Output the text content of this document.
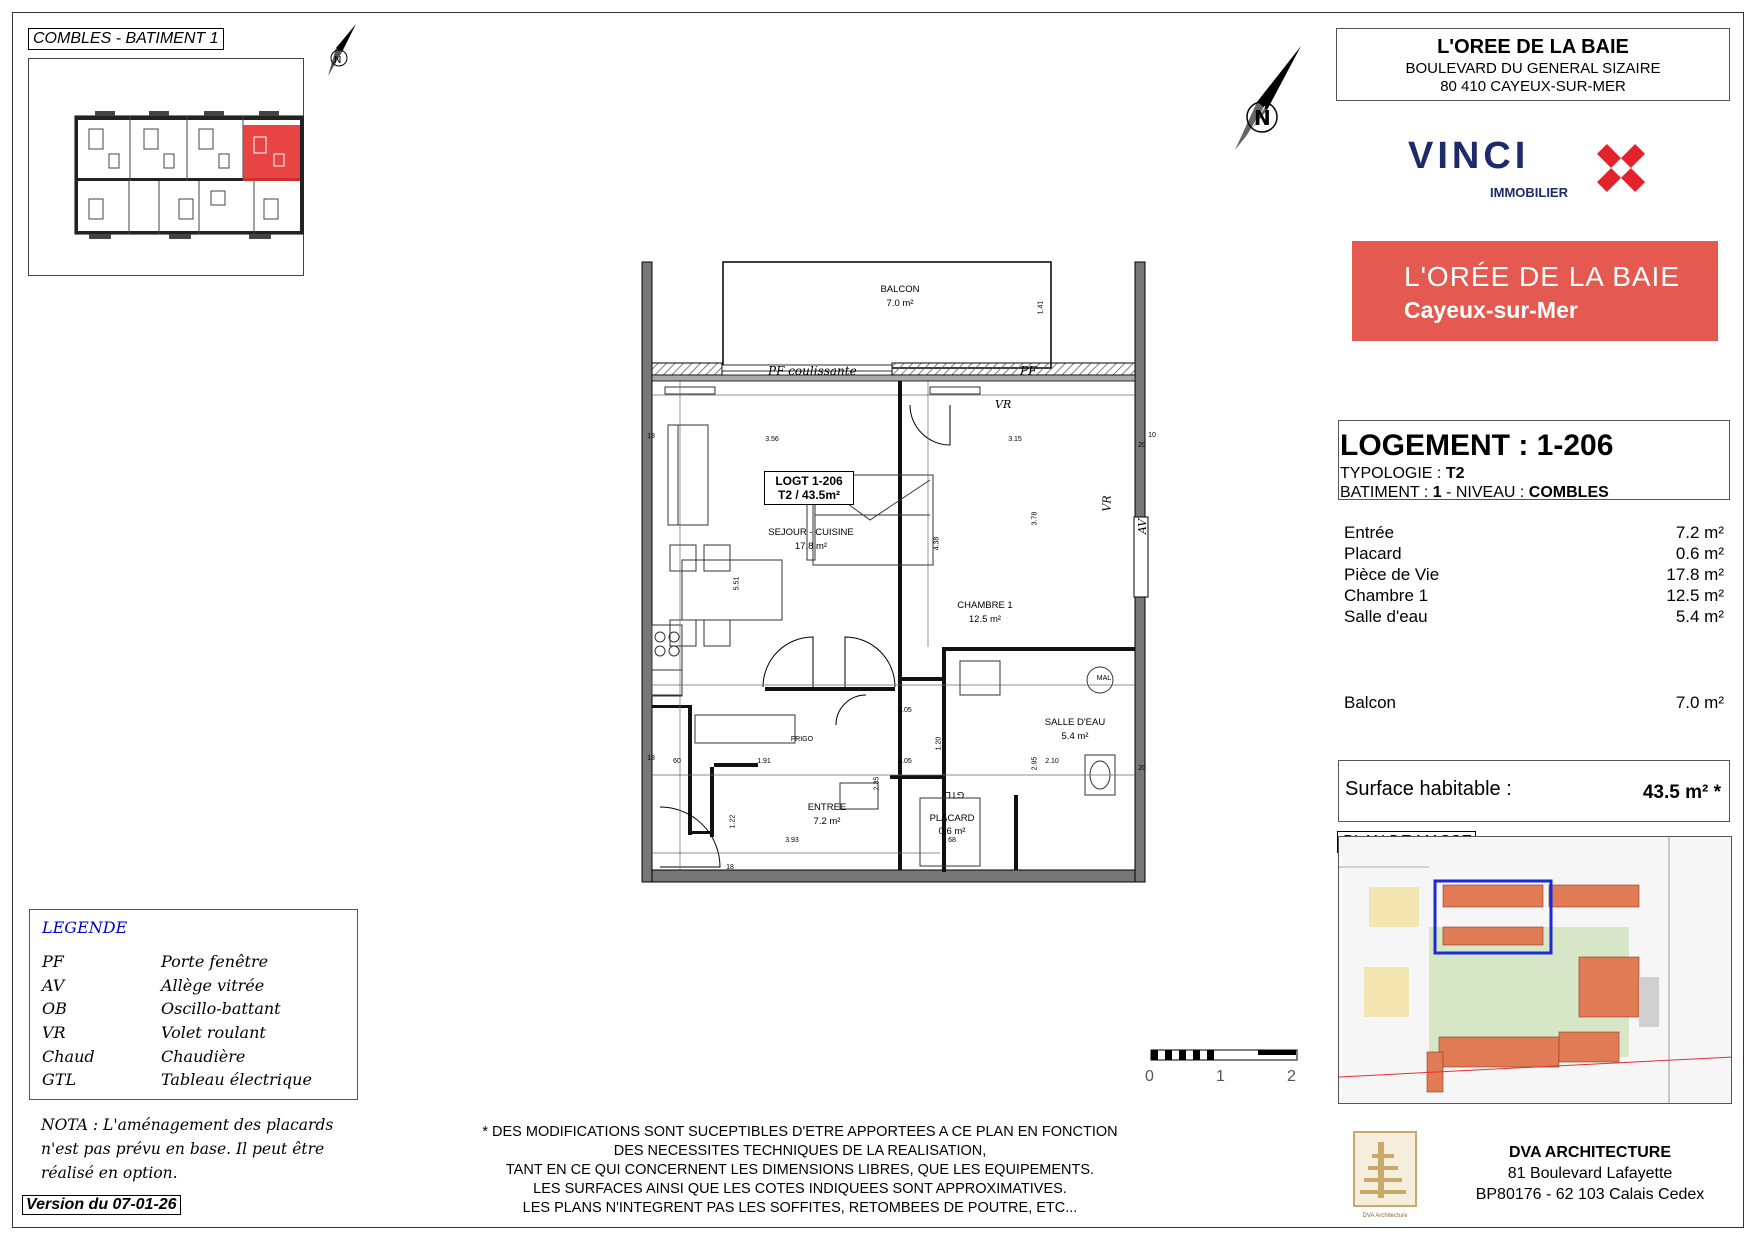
COMBLES - BATIMENT 1
N
N
L'OREE DE LA BAIE
BOULEVARD DU GENERAL SIZAIRE
80 410 CAYEUX-SUR-MER
VINCI
IMMOBILIER
L'ORÉE DE LA BAIE
Cayeux-sur-Mer
LOGEMENT : 1-206
TYPOLOGIE : T2
BATIMENT : 1 - NIVEAU : COMBLES
Entrée	7.2 m²
Placard	0.6 m²
Pièce de Vie	17.8 m²
Chambre 1	12.5 m²
Salle d'eau	5.4 m²
Balcon	7.0 m²
Surface habitable :	43.5 m² *
BALCON
7.0 m²
PF coulissante	PF
VR
VR
AV
LOGT 1-206
T2 / 43.5m²
SEJOUR - CUISINE
17.8 m²
CHAMBRE 1
12.5 m²
SALLE D'EAU
5.4 m²
ENTREE
7.2 m²	PLACARD
0.6 m²
GTL
FRIGO
MAL
3.56	3.15
5.51
4.38
3.78
2.05
2.05	2.10
1.20
2.95
2.35
1.22
3.93
60	1.91
1.41
18
18
18
20
20
10
68
0	1	2
LEGENDE
PF	Porte fenêtre
AV	Allège vitrée
OB	Oscillo-battant
VR	Volet roulant
Chaud	Chaudière
GTL	Tableau électrique
NOTA : L'aménagement des placards n'est pas prévu en base. Il peut être réalisé en option.
Version du 07-01-26
* DES MODIFICATIONS SONT SUCEPTIBLES D'ETRE APPORTEES A CE PLAN EN FONCTION
DES NECESSITES TECHNIQUES DE LA REALISATION,
TANT EN CE QUI CONCERNENT LES DIMENSIONS LIBRES, QUE LES EQUIPEMENTS.
LES SURFACES AINSI QUE LES COTES INDIQUEES SONT APPROXIMATIVES.
LES PLANS N'INTEGRENT PAS LES SOFFITES, RETOMBEES DE POUTRE, ETC...	DVA Architecture
DVA ARCHITECTURE
81 Boulevard Lafayette
BP80176 - 62 103 Calais Cedex
